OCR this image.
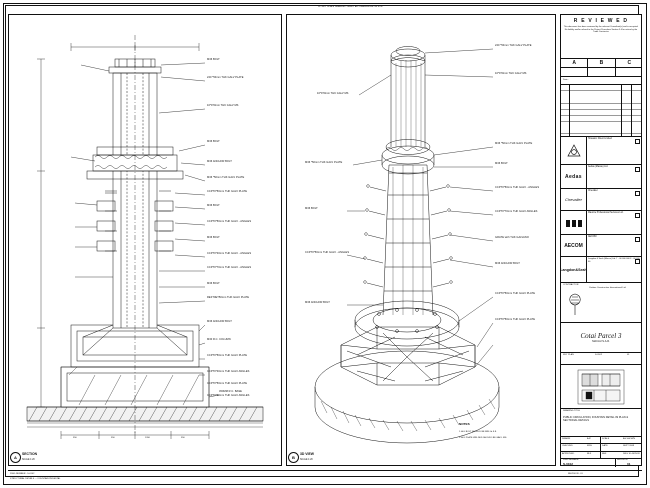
DO NOT SCALE DRAWING. VERIFY ALL DIMENSIONS ON SITE
M36 BOLT
240 *50mm THK GALV PLATE
10*970mm THK GALV MS
M36 BOLT
M36 ANCHOR BOLT
M36 *50mm THK GALV PLATE
CCPT0*50mm THK GALV PLATE
M36 BOLT
CCPT0*50mm THK GALV - ANGLES
M36 BOLT
CCPT0*40mm THK GALV - ANGLES
CCPT0*70mm THK GALV - ANGLES
M36 BOLT
REFT0ET50mm THK GALV PLATE
M36 ANCHOR BOLT
M30 R.C. COLUMN
CCPT0*50mm THK GALV PLATE
CCPT0*40mm THK GALV ANGLES
CCPT0*50mm THK GALV PLATE
CCPT0*50mm THK GALV ANGLES
450MM R.C. BASE
350	350	1200	350
A
SECTION
SCALE 1:20
240 *50mm THK GALV PLATE
10*970mm THK GALV MS
M36 *50mm THK GALV PLATE
M36 BOLT
CCPT0*50mm THK GALV - ANGLES
CCPT0*70mm THK GALV ANGLES
GRATE with THK GALVANO
M36 ANCHOR BOLT
CCPT0*50mm THK GALV PLATE
CCPT0*50mm THK GALV PLATE
10*970mm THK GALV MS
M36 *50mm THK GALV PLATE
M36 BOLT
CCPT0*50mm THK GALV - ANGLES
M36 ANCHOR BOLT
NOTES
1. ALL BOLT SHOULD BE M36 Gr 8.8.
2. ALL PLATE WELDED SHOULD BE GALV. MS.
B
3D VIEW
SCALE 1:20
R E V I E W E D
This document has been reviewed by the relevant Consultant(s) and is accepted. No liability and/or referral to the Project Procedure Section 5.4 for action by the Trade Contractor.
A	B	C
Date :
Howaton Direct Limited
Aedas
Aedas (Macau) Ltd.
Chevalier
Chevalier
Maurice Professional Services Ltd.
AECOM
AECOM
Langdon&Seah
Langdon & Seah (Macau) Ltd. T : 00 000 000 F : 00 000 00
CONTRACTOR
Yoobee Construction International Ltd.
Cotai Parcel 3
MACAU S.A.R.
KEY PLAN	S-0102	01
DRAWING TITLE
PUBLIC CIRCULATION, FOUNTAIN DETAIL 09 PLAN & SECTIONAL DETAILS
DRAWN	AJC	SCALE	AS SHOWN
CHECKED	MDS	DATE	SEPT 2009
APPROVED	RLK	REF	DRG 10-4025/09
DWG NUMBER
S-0102
REVISION
01
DWG NUMBER : S-0102
STRUCTURAL DETAILS — FOUNTAIN PEDESTAL
REVISION : 01
